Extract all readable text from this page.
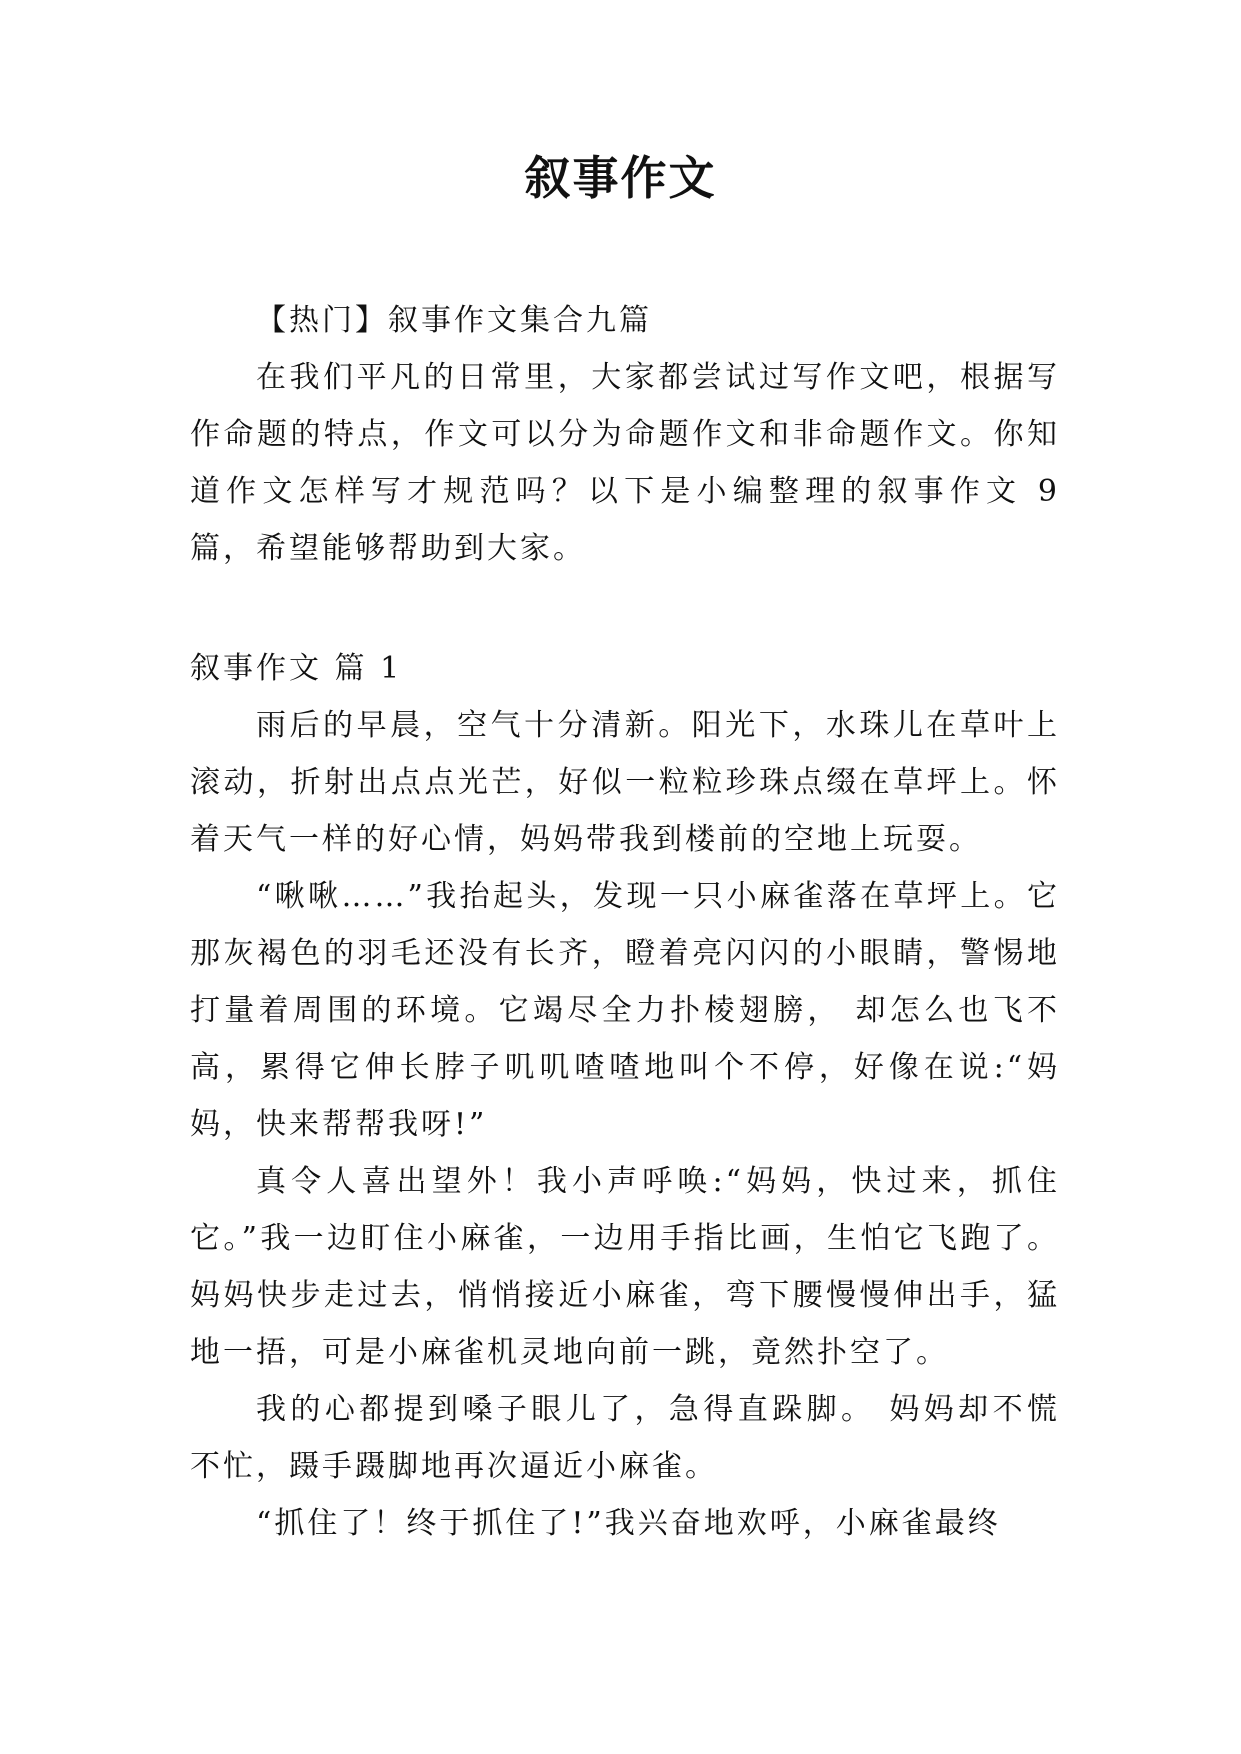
叙事作文

【热门】叙事作文集合九篇

在我们平凡的日常里，大家都尝试过写作文吧，根据写作命题的特点，作文可以分为命题作文和非命题作文。你知道作文怎样写才规范吗？以下是小编整理的叙事作文 9 篇，希望能够帮助到大家。

叙事作文 篇 1

雨后的早晨，空气十分清新。阳光下，水珠儿在草叶上滚动，折射出点点光芒，好似一粒粒珍珠点缀在草坪上。怀着天气一样的好心情，妈妈带我到楼前的空地上玩耍。

“啾啾……”我抬起头，发现一只小麻雀落在草坪上。它那灰褐色的羽毛还没有长齐，瞪着亮闪闪的小眼睛，警惕地打量着周围的环境。它竭尽全力扑棱翅膀， 却怎么也飞不高，累得它伸长脖子叽叽喳喳地叫个不停，好像在说:“妈妈，快来帮帮我呀!”

真令人喜出望外！我小声呼唤:“妈妈，快过来，抓住它。”我一边盯住小麻雀，一边用手指比画，生怕它飞跑了。妈妈快步走过去，悄悄接近小麻雀，弯下腰慢慢伸出手，猛地一捂，可是小麻雀机灵地向前一跳，竟然扑空了。

我的心都提到嗓子眼儿了，急得直跺脚。 妈妈却不慌不忙，蹑手蹑脚地再次逼近小麻雀。

“抓住了！终于抓住了!”我兴奋地欢呼，小麻雀最终
